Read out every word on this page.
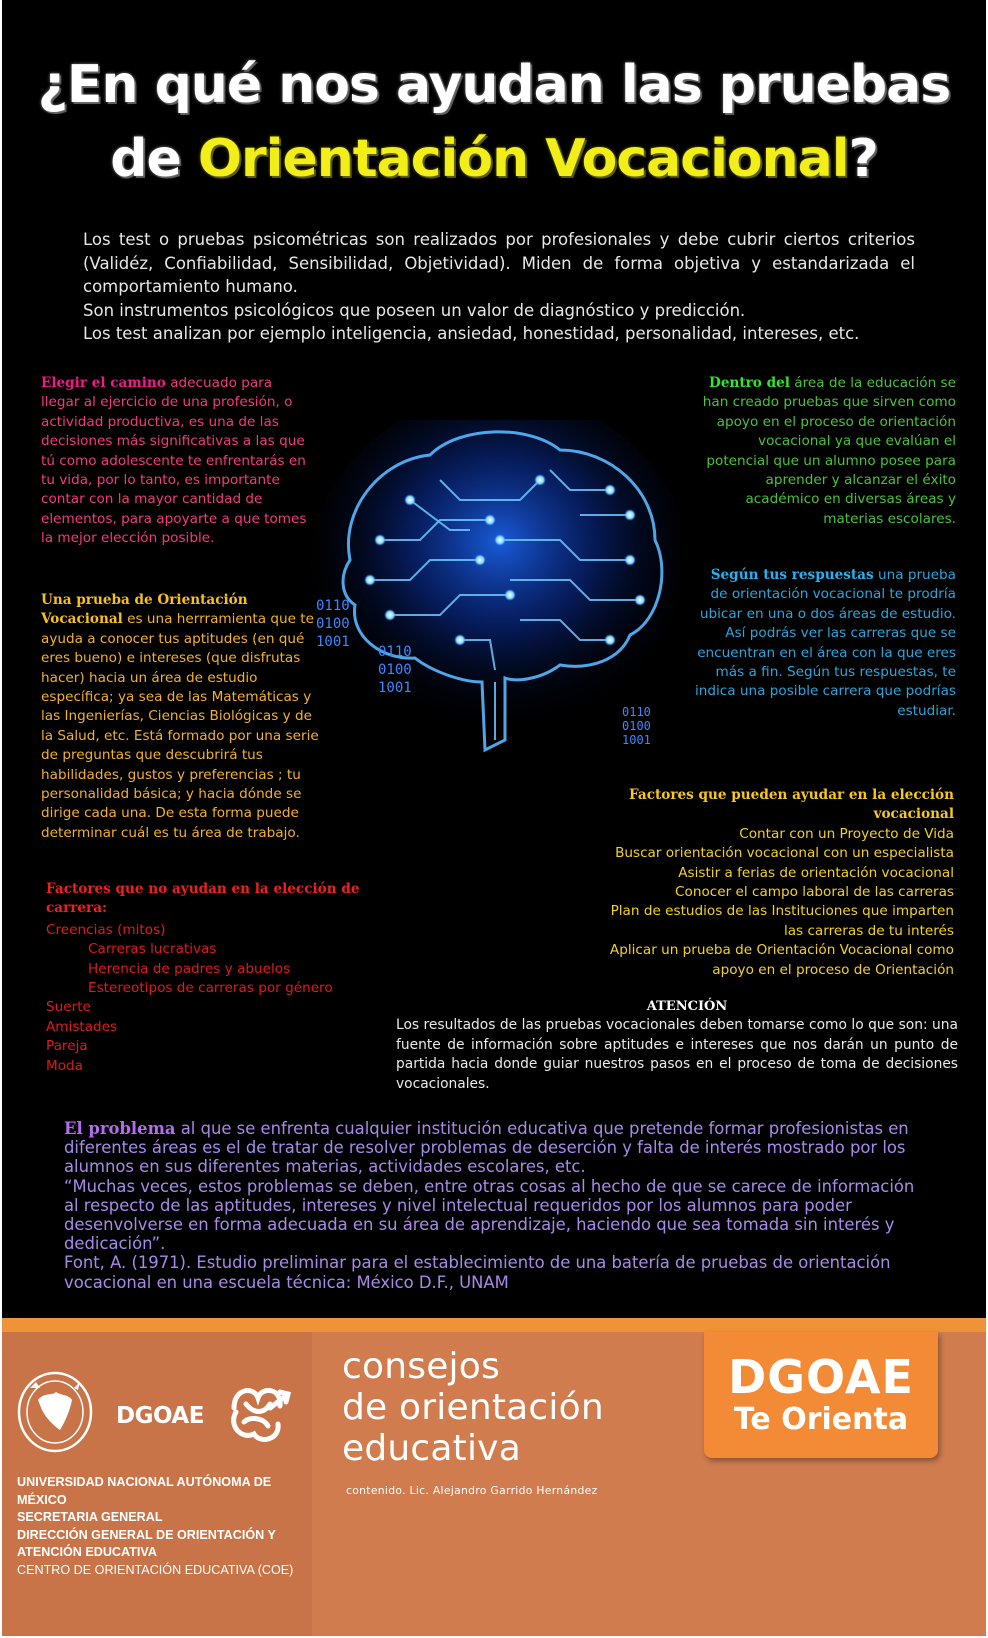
¿En qué nos ayudan las pruebas
de Orientación Vocacional?

Los test o pruebas psicométricas son realizados por profesionales y debe cubrir ciertos criterios (Validéz, Confiabilidad, Sensibilidad, Objetividad). Miden de forma objetiva y estandarizada el comportamiento humano.

Son instrumentos psicológicos que poseen un valor de diagnóstico y predicción.

Los test analizan por ejemplo inteligencia, ansiedad, honestidad, personalidad, intereses, etc.

0110
0100
1001
0110
0100
1001
0110
0100
1001
Elegir el camino adecuado para llegar al ejercicio de una profesión, o actividad productiva, es una de las decisiones más significativas a las que tú como adolescente te enfrentarás en tu vida, por lo tanto, es importante contar con la mayor cantidad de elementos, para apoyarte a que tomes la mejor elección posible.
Una prueba de Orientación Vocacional es una herrramienta que te ayuda a conocer tus aptitudes (en qué eres bueno) e intereses (que disfrutas hacer) hacia un área de estudio específica; ya sea de las Matemáticas y las Ingenierías, Ciencias Biológicas y de la Salud, etc. Está formado por una serie de preguntas que descubrirá tus habilidades, gustos y preferencias ; tu personalidad básica; y hacia dónde se dirige cada una. De esta forma puede determinar cuál es tu área de trabajo.
Factores que no ayudan en la elección de carrera:
Creencias (mitos)
Carreras lucrativas
Herencia de padres y abuelos
Estereotipos de carreras por género
Suerte
Amistades
Pareja
Moda
Dentro del área de la educación se han creado pruebas que sirven como apoyo en el proceso de orientación vocacional ya que evalúan el potencial que un alumno posee para aprender y alcanzar el éxito académico en diversas áreas y materias escolares.
Según tus respuestas una prueba de orientación vocacional te prodría ubicar en una o dos áreas de estudio. Así podrás ver las carreras que se encuentran en el área con la que eres más a fin. Según tus respuestas, te indica una posible carrera que podrías estudiar.
Factores que pueden ayudar en la elección vocacional
Contar con un Proyecto de Vida
Buscar orientación vocacional con un especialista
Asistir a ferias de orientación vocacional
Conocer el campo laboral de las carreras
Plan de estudios de las Instituciones que imparten las carreras de tu interés
Aplicar un prueba de Orientación Vocacional como apoyo en el proceso de Orientación
ATENCIÓN
Los resultados de las pruebas vocacionales deben tomarse como lo que son: una fuente de información sobre aptitudes e intereses que nos darán un punto de partida hacia donde guiar nuestros pasos en el proceso de toma de decisiones vocacionales.

El problema al que se enfrenta cualquier institución educativa que pretende formar profesionistas en diferentes áreas es el de tratar de resolver problemas de deserción y falta de interés mostrado por los alumnos en sus diferentes materias, actividades escolares, etc.

“Muchas veces, estos problemas se deben, entre otras cosas al hecho de que se carece de información al respecto de las aptitudes, intereses y nivel intelectual requeridos por los alumnos para poder desenvolverse en forma adecuada en su área de aprendizaje, haciendo que sea tomada sin interés y dedicación”.

Font, A. (1971). Estudio preliminar para el establecimiento de una batería de pruebas de orientación vocacional en una escuela técnica: México D.F., UNAM

DGOAE
UNIVERSIDAD NACIONAL AUTÓNOMA DE MÉXICO
SECRETARIA GENERAL
DIRECCIÓN GENERAL DE ORIENTACIÓN Y
ATENCIÓN EDUCATIVA
CENTRO DE ORIENTACIÓN EDUCATIVA (COE)
consejos
de orientación
educativa
contenido. Lic. Alejandro Garrido Hernández
DGOAE
Te Orienta
